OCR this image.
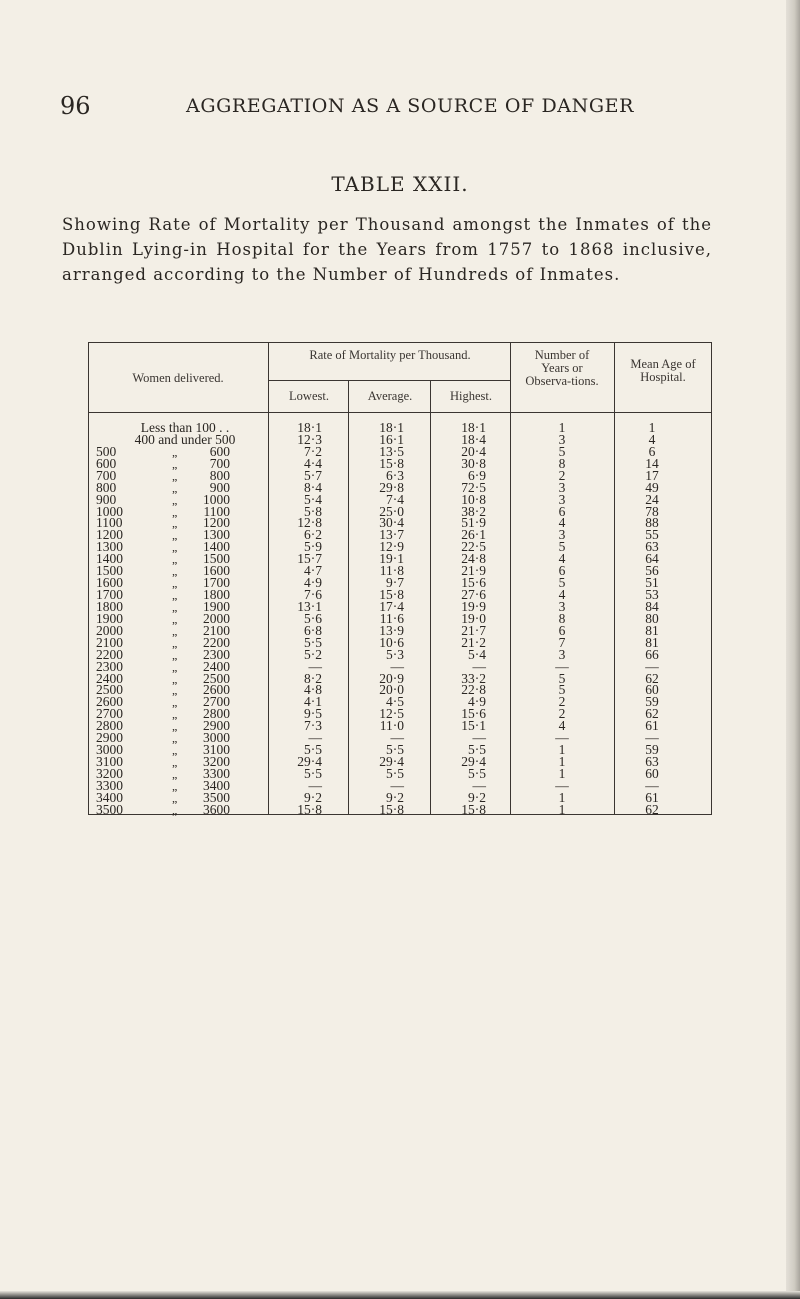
96	AGGREGATION AS A SOURCE OF DANGER
TABLE XXII.
Showing Rate of Mortality per Thousand amongst the Inmates of the Dublin Lying-in Hospital for the Years from 1757 to 1868 inclusive, arranged according to the Number of Hundreds of Inmates.
Women delivered.
Rate of Mortality per Thousand.
Lowest.	Average.	Highest.
Number of Years or Observa-tions.
Mean Age of Hospital.
Less than 100 . .	18·1	18·1	18·1	1	1
400 and under 500	12·3	16·1	18·4	3	4
500	„	600	7·2	13·5	20·4	5	6
600	„	700	4·4	15·8	30·8	8	14
700	„	800	5·7	6·3	6·9	2	17
800	„	900	8·4	29·8	72·5	3	49
900	„	1000	5·4	7·4	10·8	3	24
1000	„	1100	5·8	25·0	38·2	6	78
1100	„	1200	12·8	30·4	51·9	4	88
1200	„	1300	6·2	13·7	26·1	3	55
1300	„	1400	5·9	12·9	22·5	5	63
1400	„	1500	15·7	19·1	24·8	4	64
1500	„	1600	4·7	11·8	21·9	6	56
1600	„	1700	4·9	9·7	15·6	5	51
1700	„	1800	7·6	15·8	27·6	4	53
1800	„	1900	13·1	17·4	19·9	3	84
1900	„	2000	5·6	11·6	19·0	8	80
2000	„	2100	6·8	13·9	21·7	6	81
2100	„	2200	5·5	10·6	21·2	7	81
2200	„	2300	5·2	5·3	5·4	3	66
2300	„	2400	—	—	—	—	—
2400	„	2500	8·2	20·9	33·2	5	62
2500	„	2600	4·8	20·0	22·8	5	60
2600	„	2700	4·1	4·5	4·9	2	59
2700	„	2800	9·5	12·5	15·6	2	62
2800	„	2900	7·3	11·0	15·1	4	61
2900	„	3000	—	—	—	—	—
3000	„	3100	5·5	5·5	5·5	1	59
3100	„	3200	29·4	29·4	29·4	1	63
3200	„	3300	5·5	5·5	5·5	1	60
3300	„	3400	—	—	—	—	—
3400	„	3500	9·2	9·2	9·2	1	61
3500	„	3600	15·8	15·8	15·8	1	62
